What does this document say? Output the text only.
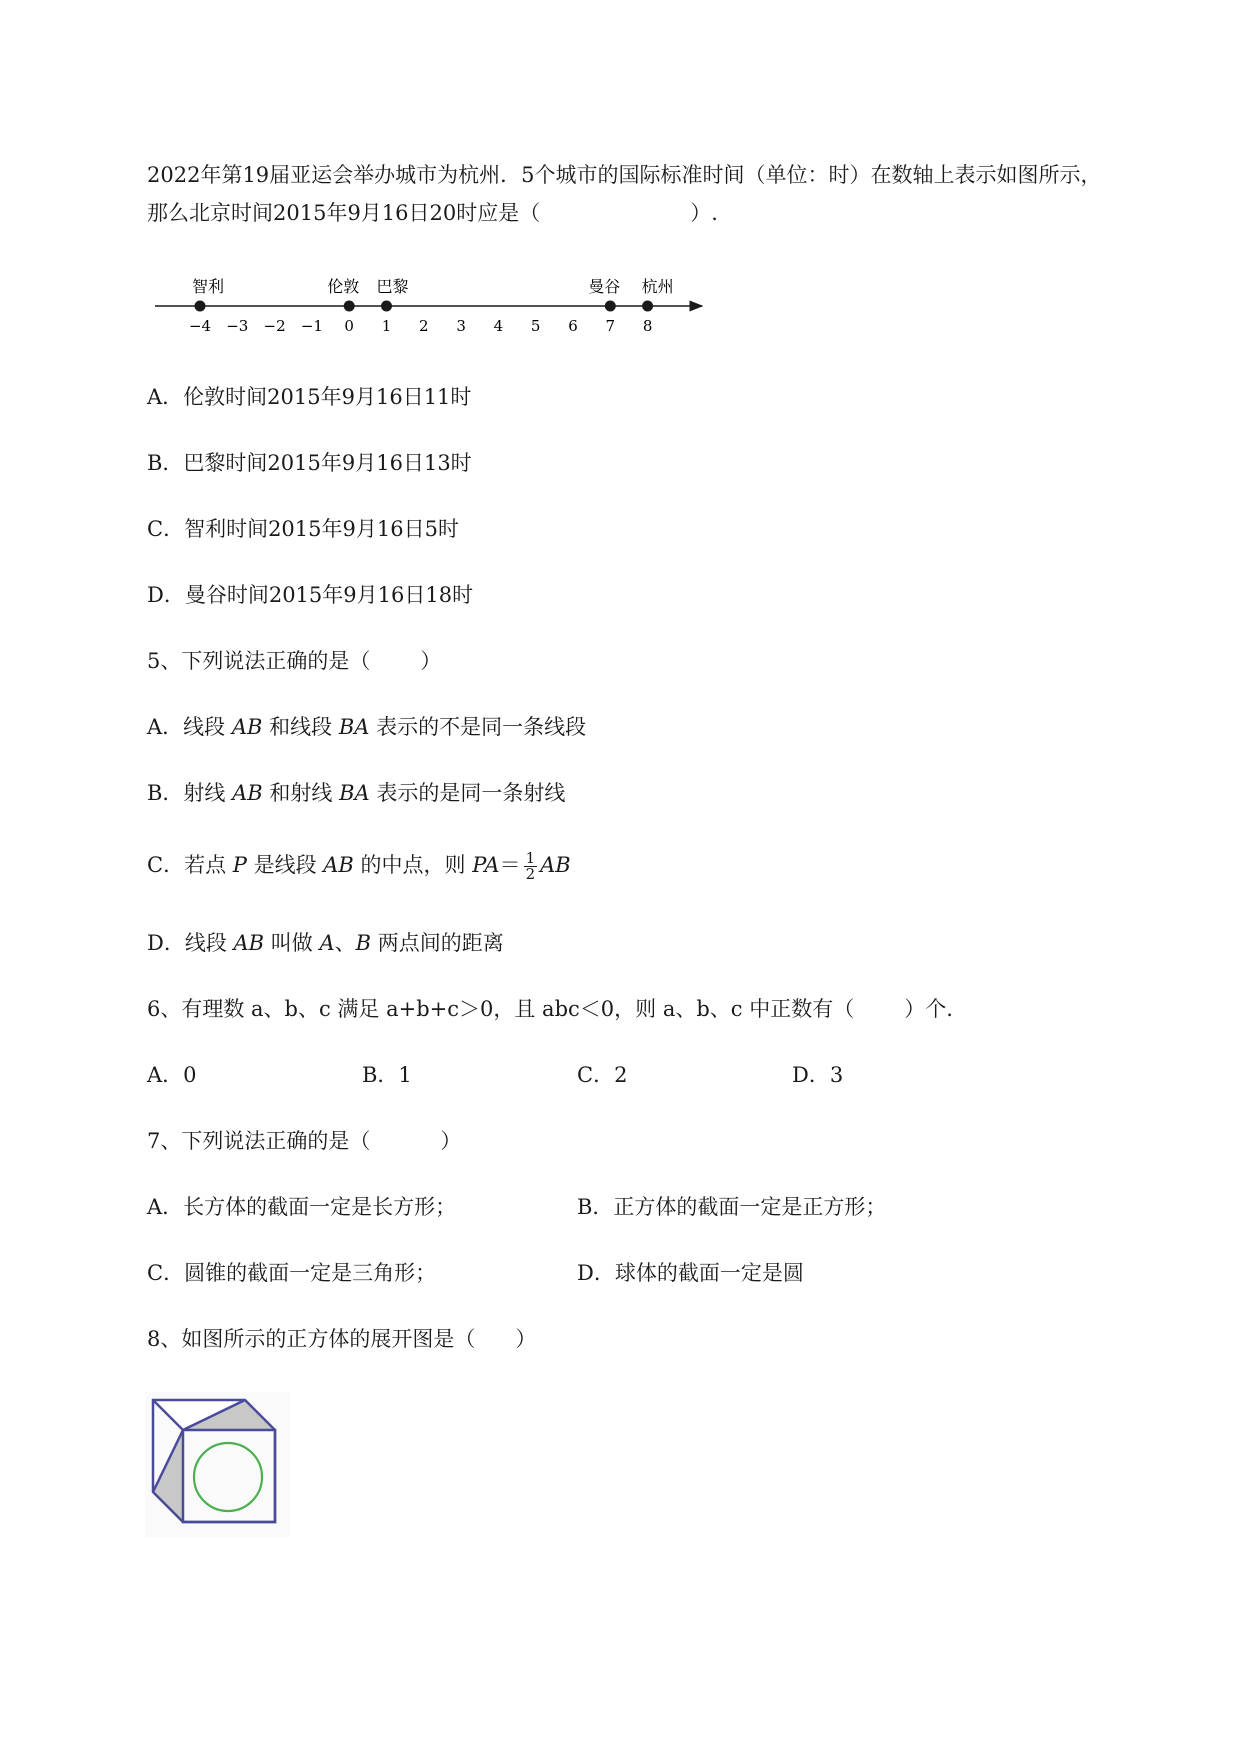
2022年第19届亚运会举办城市为杭州．5个城市的国际标准时间（单位：时）在数轴上表示如图所示，
那么北京时间2015年9月16日20时应是（	）.
−4 −3 −2 −1 0 1 2 3 4 5 6 7 8
智利	伦敦 巴黎	曼谷 杭州
A．伦敦时间2015年9月16日11时
B．巴黎时间2015年9月16日13时
C．智利时间2015年9月16日5时
D．曼谷时间2015年9月16日18时
5、下列说法正确的是（ ）
A．线段 AB 和线段 BA 表示的不是同一条线段
B．射线 AB 和射线 BA 表示的是同一条射线
C．若点 P 是线段 AB 的中点，则 $PA= \frac{1}{2}$ AB
D．线段 AB 叫做 A、B 两点间的距离
6、有理数 a、b、c 满足 a+b+c＞0，且 abc＜0，则 a、b、c 中正数有（ ）个.
A．0	B．1	C．2	D．3
7、下列说法正确的是（	）
A．长方体的截面一定是长方形；	B．正方体的截面一定是正方形；
C．圆锥的截面一定是三角形；	D．球体的截面一定是圆
8、如图所示的正方体的展开图是（ ）
